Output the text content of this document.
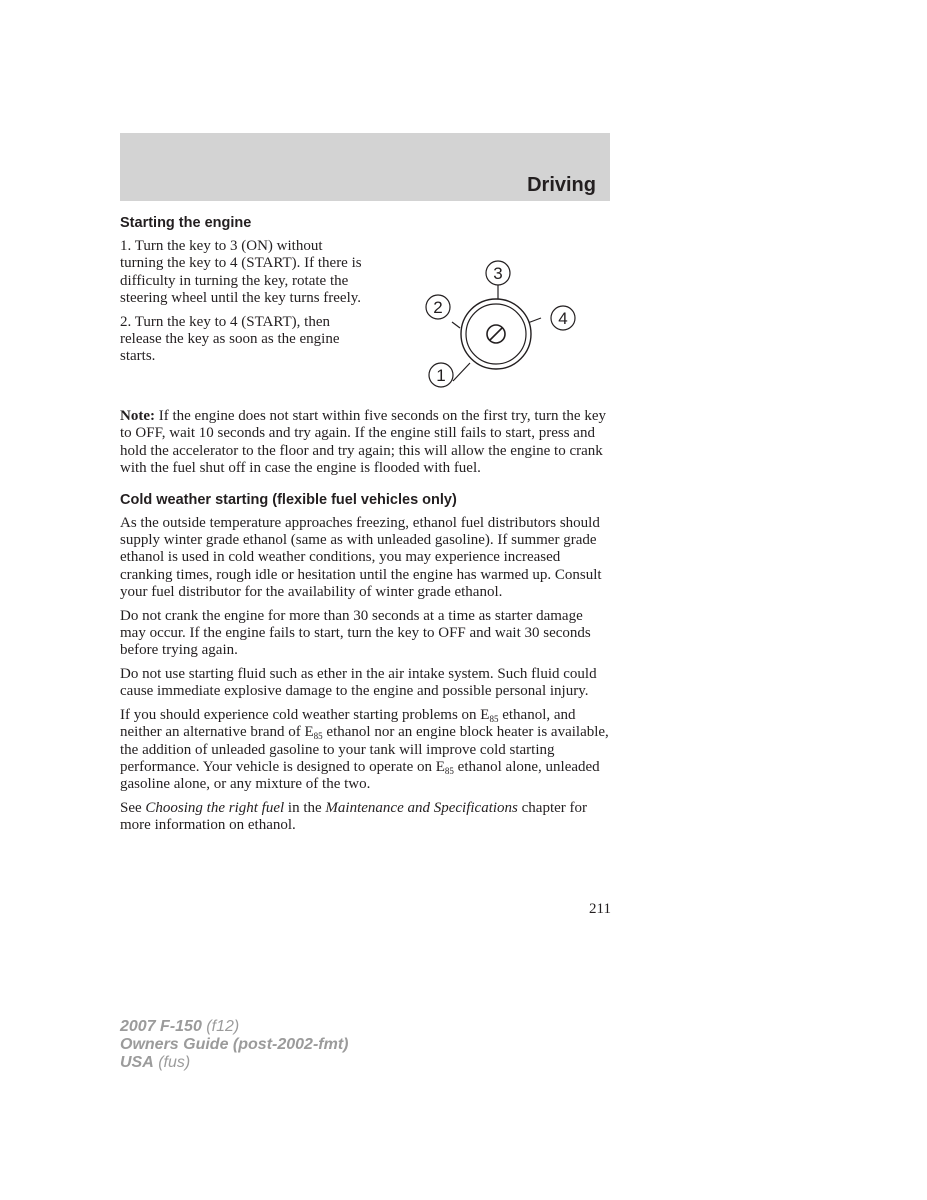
Driving
Starting the engine

1. Turn the key to 3 (ON) without turning the key to 4 (START). If there is difficulty in turning the key, rotate the steering wheel until the key turns freely.

2. Turn the key to 4 (START), then release the key as soon as the engine starts.

3
2

Note: If the engine does not start within five seconds on the first try, turn the key to OFF, wait 10 seconds and try again. If the engine still fails to start, press and hold the accelerator to the floor and try again; this will allow the engine to crank with the fuel shut off in case the engine is flooded with fuel.

Cold weather starting (flexible fuel vehicles only)

As the outside temperature approaches freezing, ethanol fuel distributors should supply winter grade ethanol (same as with unleaded gasoline). If summer grade ethanol is used in cold weather conditions, you may experience increased cranking times, rough idle or hesitation until the engine has warmed up. Consult your fuel distributor for the availability of winter grade ethanol.

Do not crank the engine for more than 30 seconds at a time as starter damage may occur. If the engine fails to start, turn the key to OFF and wait 30 seconds before trying again.

Do not use starting fluid such as ether in the air intake system. Such fluid could cause immediate explosive damage to the engine and possible personal injury.

If you should experience cold weather starting problems on $E_{85}$ ethanol, and neither an alternative brand of $E_{85}$ ethanol nor an engine block heater is available, the addition of unleaded gasoline to your tank will improve cold starting performance. Your vehicle is designed to operate on $E_{85}$ ethanol alone, unleaded gasoline alone, or any mixture of the two.

See Choosing the right fuel in the Maintenance and Specifications chapter for more information on ethanol.

4
1
211
2007 F-150 (f12)
Owners Guide (post-2002-fmt)
USA (fus)
